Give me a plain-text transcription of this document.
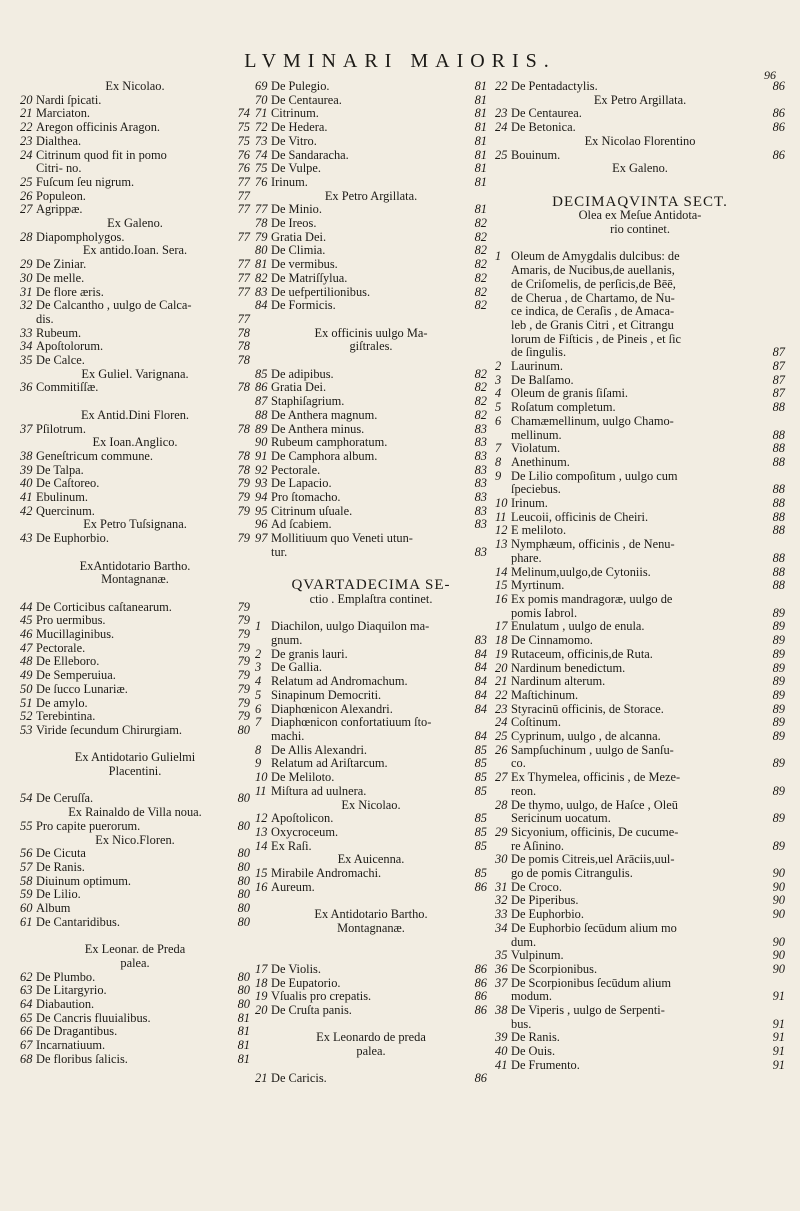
LVMINARI MAIORIS.
96
Ex Nicolao.
20 Nardi ſpicati.
21 Marciaton.	74
22 Aregon officinis Aragon.	75
23 Dialthea.	75
24 Citrinum quod fit in pomo	76
Citri- no.	76
25 Fuſcum ſeu nigrum.	77
26 Populeon.	77
27 Agrippæ.	77
Ex Galeno.
28 Diapompholygos.	77
Ex antido.Ioan. Sera.
29 De Ziniar.	77
30 De melle.	77
31 De flore æris.	77
32 De Calcantho , uulgo de Calca-
dis.	77
33 Rubeum.	78
34 Apoſtolorum.	78
35 De Calce.	78
Ex Guliel. Varignana.
36 Commitiſſæ.	78
Ex Antid.Dini Floren.
37 Pſilotrum.	78
Ex Ioan.Anglico.
38 Geneſtricum commune.	78
39 De Talpa.	78
40 De Caſtoreo.	79
41 Ebulinum.	79
42 Quercinum.	79
Ex Petro Tuſsignana.
43 De Euphorbio.	79
ExAntidotario Bartho.
Montagnanæ.
44 De Corticibus caſtanearum.	79
45 Pro uermibus.	79
46 Mucillaginibus.	79
47 Pectorale.	79
48 De Elleboro.	79
49 De Semperuiua.	79
50 De ſucco Lunariæ.	79
51 De amylo.	79
52 Terebintina.	79
53 Viride ſecundum Chirurgiam.	80
Ex Antidotario Gulielmi
Placentini.
54 De Ceruſſa.	80
Ex Rainaldo de Villa noua.
55 Pro capite puerorum.	80
Ex Nico.Floren.
56 De Cicuta	80
57 De Ranis.	80
58 Diuinum optimum.	80
59 De Lilio.	80
60 Album	80
61 De Cantaridibus.	80
Ex Leonar. de Preda
palea.
62 De Plumbo.	80
63 De Litargyrio.	80
64 Diabaution.	80
65 De Cancris fluuialibus.	81
66 De Dragantibus.	81
67 Incarnatiuum.	81
68 De floribus ſalicis.	81
69 De Pulegio.	81
70 De Centaurea.	81
71 Citrinum.	81
72 De Hedera.	81
73 De Vitro.	81
74 De Sandaracha.	81
75 De Vulpe.	81
76 Irinum.	81
Ex Petro Argillata.
77 De Minio.	81
78 De Ireos.	82
79 Gratia Dei.	82
80 De Climia.	82
81 De vermibus.	82
82 De Matriſſylua.	82
83 De uefpertilionibus.	82
84 De Formicis.	82
Ex officinis uulgo Ma-
giſtrales.
85 De adipibus.	82
86 Gratia Dei.	82
87 Staphiſagrium.	82
88 De Anthera magnum.	82
89 De Anthera minus.	83
90 Rubeum camphoratum.	83
91 De Camphora album.	83
92 Pectorale.	83
93 De Lapacio.	83
94 Pro ſtomacho.	83
95 Citrinum uſuale.	83
96 Ad ſcabiem.	83
97 Mollitiuum quo Veneti utun-
tur.	83
QVARTADECIMA SE-
ctio . Emplaſtra continet.
1 Diachilon, uulgo Diaquilon ma-
gnum.	83
2 De granis lauri.	84
3 De Gallia.	84
4 Relatum ad Andromachum.	84
5 Sinapinum Democriti.	84
6 Diaphœnicon Alexandri.	84
7 Diaphœnicon confortatiuum ſto-
machi.	84
8 De Allis Alexandri.	85
9 Relatum ad Ariſtarcum.	85
10 De Meliloto.	85
11 Miſtura ad uulnera.	85
Ex Nicolao.
12 Apoſtolicon.	85
13 Oxycroceum.	85
14 Ex Raſi.	85
Ex Auicenna.
15 Mirabile Andromachi.	85
16 Aureum.	86
Ex Antidotario Bartho.
Montagnanæ.
17 De Violis.	86
18 De Eupatorio.	86
19 Vſualis pro crepatis.	86
20 De Cruſta panis.	86
Ex Leonardo de preda
palea.
21 De Caricis.	86
22 De Pentadactylis.	86
Ex Petro Argillata.
23 De Centaurea.	86
24 De Betonica.	86
Ex Nicolao Florentino
25 Bouinum.	86
Ex Galeno.
DECIMAQVINTA SECT.
Olea ex Meſue Antidota-
rio continet.
1 Oleum de Amygdalis dulcibus: de
Amaris, de Nucibus,de auellanis,
de Criſomelis, de perſicis,de Bēē,
de Cherua , de Chartamo, de Nu-
ce indica, de Ceraſis , de Amaca-
leb , de Granis Citri , et Citrangu
lorum de Fiſticis , de Pineis , et ſic
de ſingulis.	87
2 Laurinum.	87
3 De Balſamo.	87
4 Oleum de granis ſiſami.	87
5 Roſatum completum.	88
6 Chamæmellinum, uulgo Chamo-
mellinum.	88
7 Violatum.	88
8 Anethinum.	88
9 De Lilio compoſitum , uulgo cum
ſpeciebus.	88
10 Irinum.	88
11 Leucoii, officinis de Cheiri.	88
12 E meliloto.	88
13 Nymphæum, officinis , de Nenu-
phare.	88
14 Melinum,uulgo,de Cytoniis.	88
15 Myrtinum.	88
16 Ex pomis mandragoræ, uulgo de
pomis Iabrol.	89
17 Enulatum , uulgo de enula.	89
18 De Cinnamomo.	89
19 Rutaceum, officinis,de Ruta.	89
20 Nardinum benedictum.	89
21 Nardinum alterum.	89
22 Maſtichinum.	89
23 Styracinū officinis, de Storace.	89
24 Coſtinum.	89
25 Cyprinum, uulgo , de alcanna.	89
26 Sampſuchinum , uulgo de Sanſu-
co.	89
27 Ex Thymelea, officinis , de Meze-
reon.	89
28 De thymo, uulgo, de Haſce , Oleū
Sericinum uocatum.	89
29 Sicyonium, officinis, De cucume-
re Aſinino.	89
30 De pomis Citreis,uel Arāciis,uul-
go de pomis Citrangulis.	90
31 De Croco.	90
32 De Piperibus.	90
33 De Euphorbio.	90
34 De Euphorbio ſecūdum alium mo
dum.	90
35 Vulpinum.	90
36 De Scorpionibus.	90
37 De Scorpionibus ſecūdum alium
modum.	91
38 De Viperis , uulgo de Serpenti-
bus.	91
39 De Ranis.	91
40 De Ouis.	91
41 De Frumento.	91
